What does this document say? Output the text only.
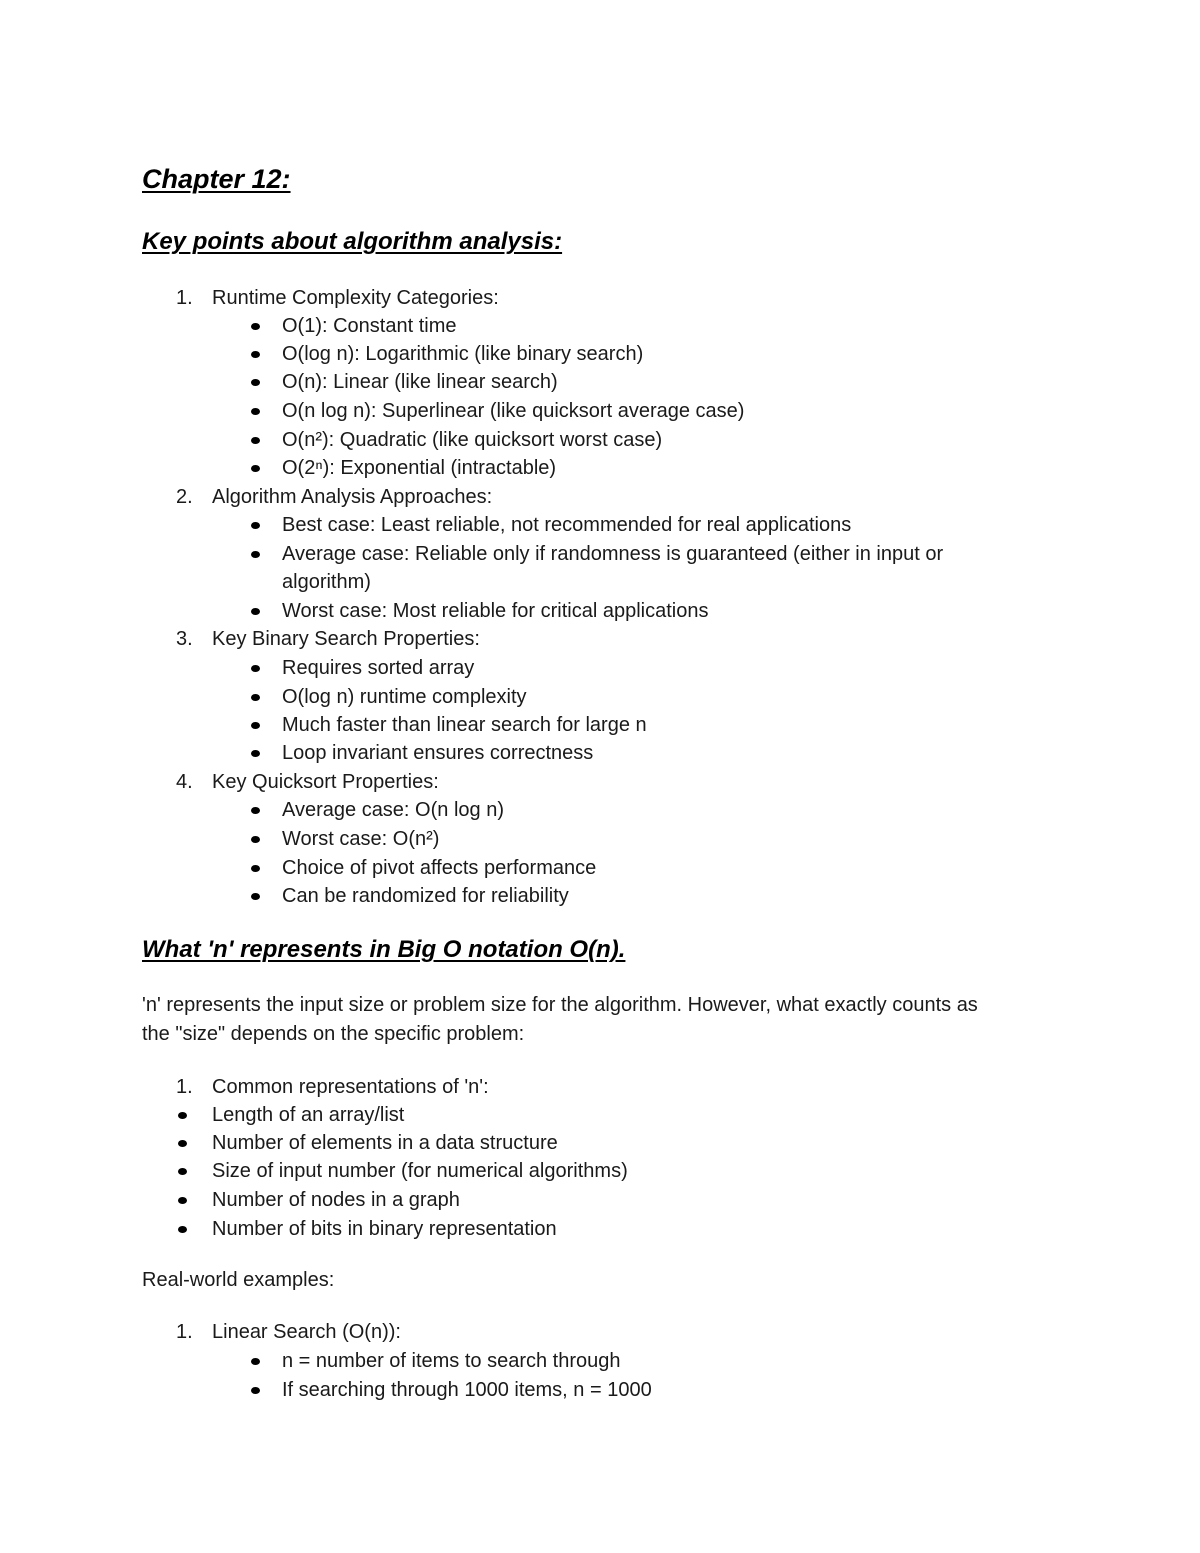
Chapter 12:
Key points about algorithm analysis:
1. Runtime Complexity Categories:
O(1): Constant time
O(log n): Logarithmic (like binary search)
O(n): Linear (like linear search)
O(n log n): Superlinear (like quicksort average case)
O(n²): Quadratic (like quicksort worst case)
O(2ⁿ): Exponential (intractable)
2. Algorithm Analysis Approaches:
Best case: Least reliable, not recommended for real applications
Average case: Reliable only if randomness is guaranteed (either in input or
algorithm)
Worst case: Most reliable for critical applications
3. Key Binary Search Properties:
Requires sorted array
O(log n) runtime complexity
Much faster than linear search for large n
Loop invariant ensures correctness
4. Key Quicksort Properties:
Average case: O(n log n)
Worst case: O(n²)
Choice of pivot affects performance
Can be randomized for reliability
What 'n' represents in Big O notation O(n).
'n' represents the input size or problem size for the algorithm. However, what exactly counts as
the "size" depends on the specific problem:
1. Common representations of 'n':
Length of an array/list
Number of elements in a data structure
Size of input number (for numerical algorithms)
Number of nodes in a graph
Number of bits in binary representation
Real-world examples:
1. Linear Search (O(n)):
n = number of items to search through
If searching through 1000 items, n = 1000
